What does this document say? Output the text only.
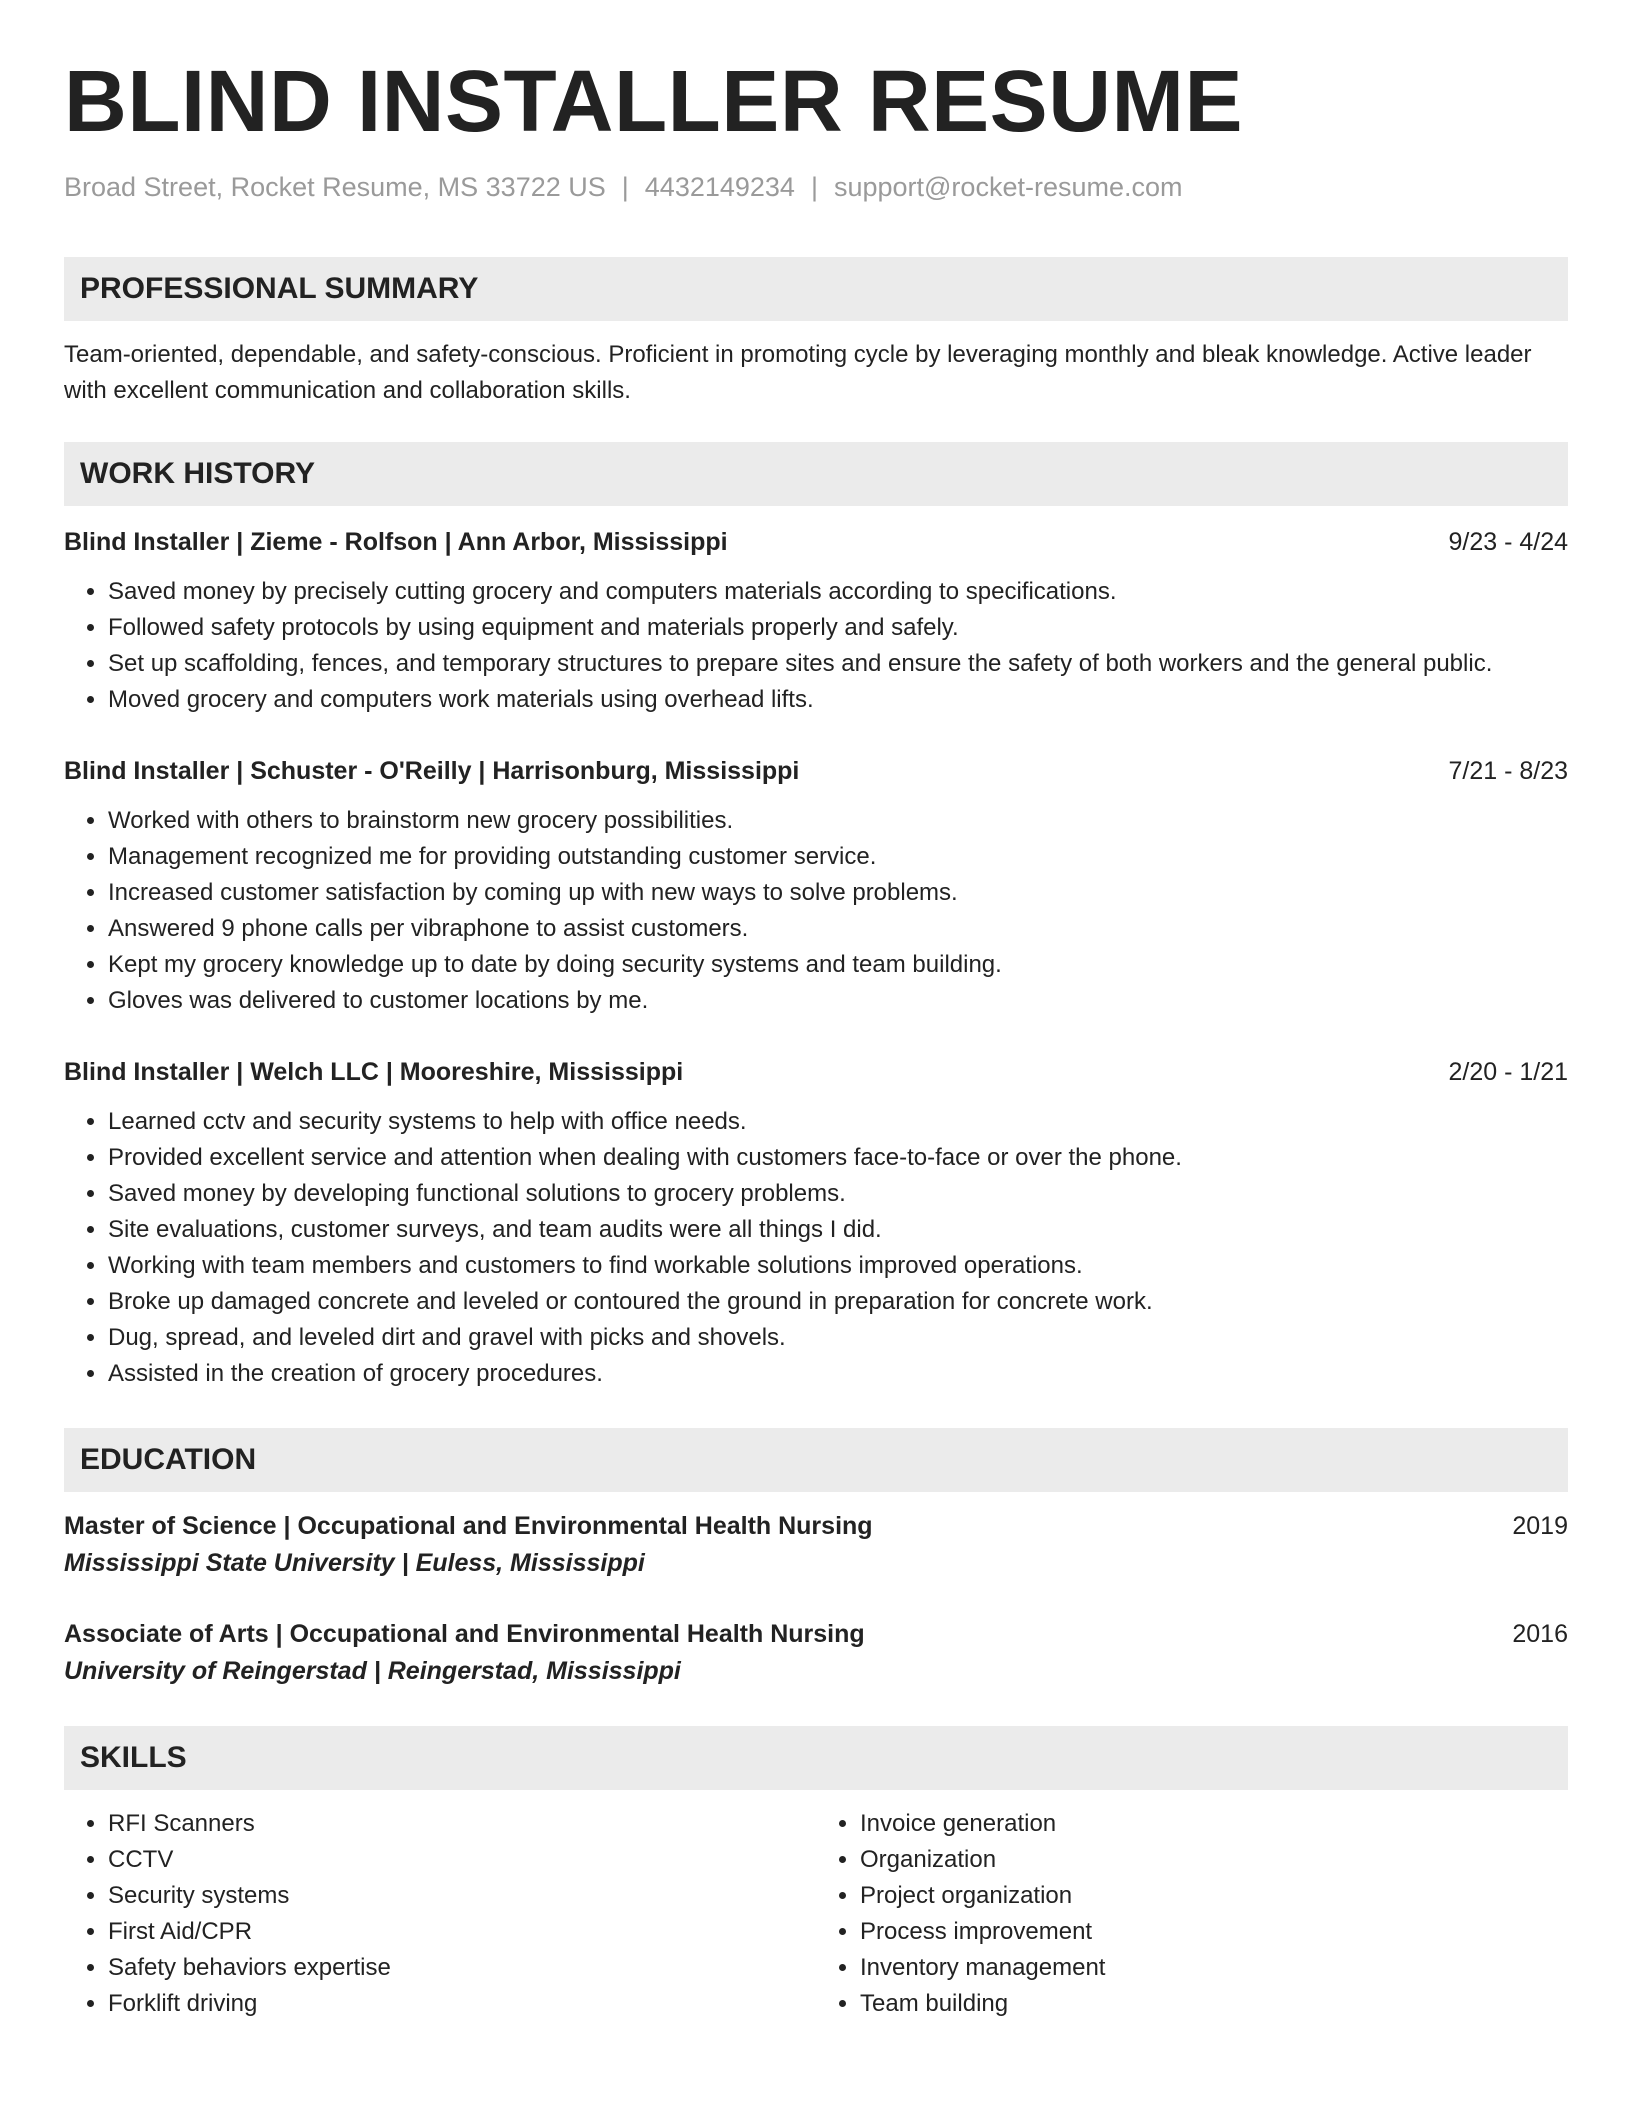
BLIND INSTALLER RESUME
Broad Street, Rocket Resume, MS 33722 US | 4432149234 | support@rocket-resume.com
PROFESSIONAL SUMMARY
Team-oriented, dependable, and safety-conscious. Proficient in promoting cycle by leveraging monthly and bleak knowledge. Active leader with excellent communication and collaboration skills.
WORK HISTORY
Blind Installer | Zieme - Rolfson | Ann Arbor, Mississippi	9/23 - 4/24
• Saved money by precisely cutting grocery and computers materials according to specifications.
• Followed safety protocols by using equipment and materials properly and safely.
• Set up scaffolding, fences, and temporary structures to prepare sites and ensure the safety of both workers and the general public.
• Moved grocery and computers work materials using overhead lifts.
Blind Installer | Schuster - O'Reilly | Harrisonburg, Mississippi	7/21 - 8/23
• Worked with others to brainstorm new grocery possibilities.
• Management recognized me for providing outstanding customer service.
• Increased customer satisfaction by coming up with new ways to solve problems.
• Answered 9 phone calls per vibraphone to assist customers.
• Kept my grocery knowledge up to date by doing security systems and team building.
• Gloves was delivered to customer locations by me.
Blind Installer | Welch LLC | Mooreshire, Mississippi	2/20 - 1/21
• Learned cctv and security systems to help with office needs.
• Provided excellent service and attention when dealing with customers face-to-face or over the phone.
• Saved money by developing functional solutions to grocery problems.
• Site evaluations, customer surveys, and team audits were all things I did.
• Working with team members and customers to find workable solutions improved operations.
• Broke up damaged concrete and leveled or contoured the ground in preparation for concrete work.
• Dug, spread, and leveled dirt and gravel with picks and shovels.
• Assisted in the creation of grocery procedures.
EDUCATION
Master of Science | Occupational and Environmental Health Nursing	2019
Mississippi State University | Euless, Mississippi
Associate of Arts | Occupational and Environmental Health Nursing	2016
University of Reingerstad | Reingerstad, Mississippi
SKILLS
• RFI Scanners
• CCTV
• Security systems
• First Aid/CPR
• Safety behaviors expertise
• Forklift driving
• Invoice generation
• Organization
• Project organization
• Process improvement
• Inventory management
• Team building
